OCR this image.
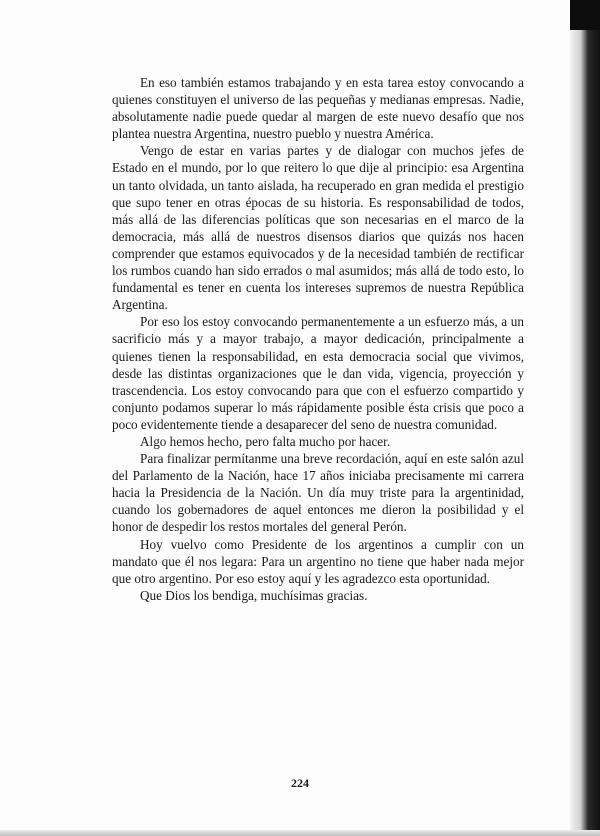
En eso también estamos trabajando y en esta tarea estoy convocando a quienes constituyen el universo de las pequeñas y medianas empresas. Nadie, absolutamente nadie puede quedar al margen de este nuevo desafío que nos plantea nuestra Argentina, nuestro pueblo y nuestra América.

Vengo de estar en varias partes y de dialogar con muchos jefes de Estado en el mundo, por lo que reitero lo que dije al principio: esa Argentina un tanto olvidada, un tanto aislada, ha recuperado en gran medida el prestigio que supo tener en otras épocas de su historia. Es responsabilidad de todos, más allá de las diferencias políticas que son necesarias en el marco de la democracia, más allá de nuestros disensos diarios que quizás nos hacen comprender que estamos equivocados y de la necesidad también de rectificar los rumbos cuando han sido errados o mal asumidos; más allá de todo esto, lo fundamental es tener en cuenta los intereses supremos de nuestra República Argentina.

Por eso los estoy convocando permanentemente a un esfuerzo más, a un sacrificio más y a mayor trabajo, a mayor dedicación, principalmente a quienes tienen la responsabilidad, en esta democracia social que vivimos, desde las distintas organizaciones que le dan vida, vigencia, proyección y trascendencia. Los estoy convocando para que con el esfuerzo compartido y conjunto podamos superar lo más rápidamente posible ésta crisis que poco a poco evidentemente tiende a desaparecer del seno de nuestra comunidad.

Algo hemos hecho, pero falta mucho por hacer.

Para finalizar permítanme una breve recordación, aquí en este salón azul del Parlamento de la Nación, hace 17 años iniciaba precisamente mi carrera hacia la Presidencia de la Nación. Un día muy triste para la argentinidad, cuando los gobernadores de aquel entonces me dieron la posibilidad y el honor de despedir los restos mortales del general Perón.

Hoy vuelvo como Presidente de los argentinos a cumplir con un mandato que él nos legara: Para un argentino no tiene que haber nada mejor que otro argentino. Por eso estoy aquí y les agradezco esta oportunidad.

Que Dios los bendiga, muchísimas gracias.

224
